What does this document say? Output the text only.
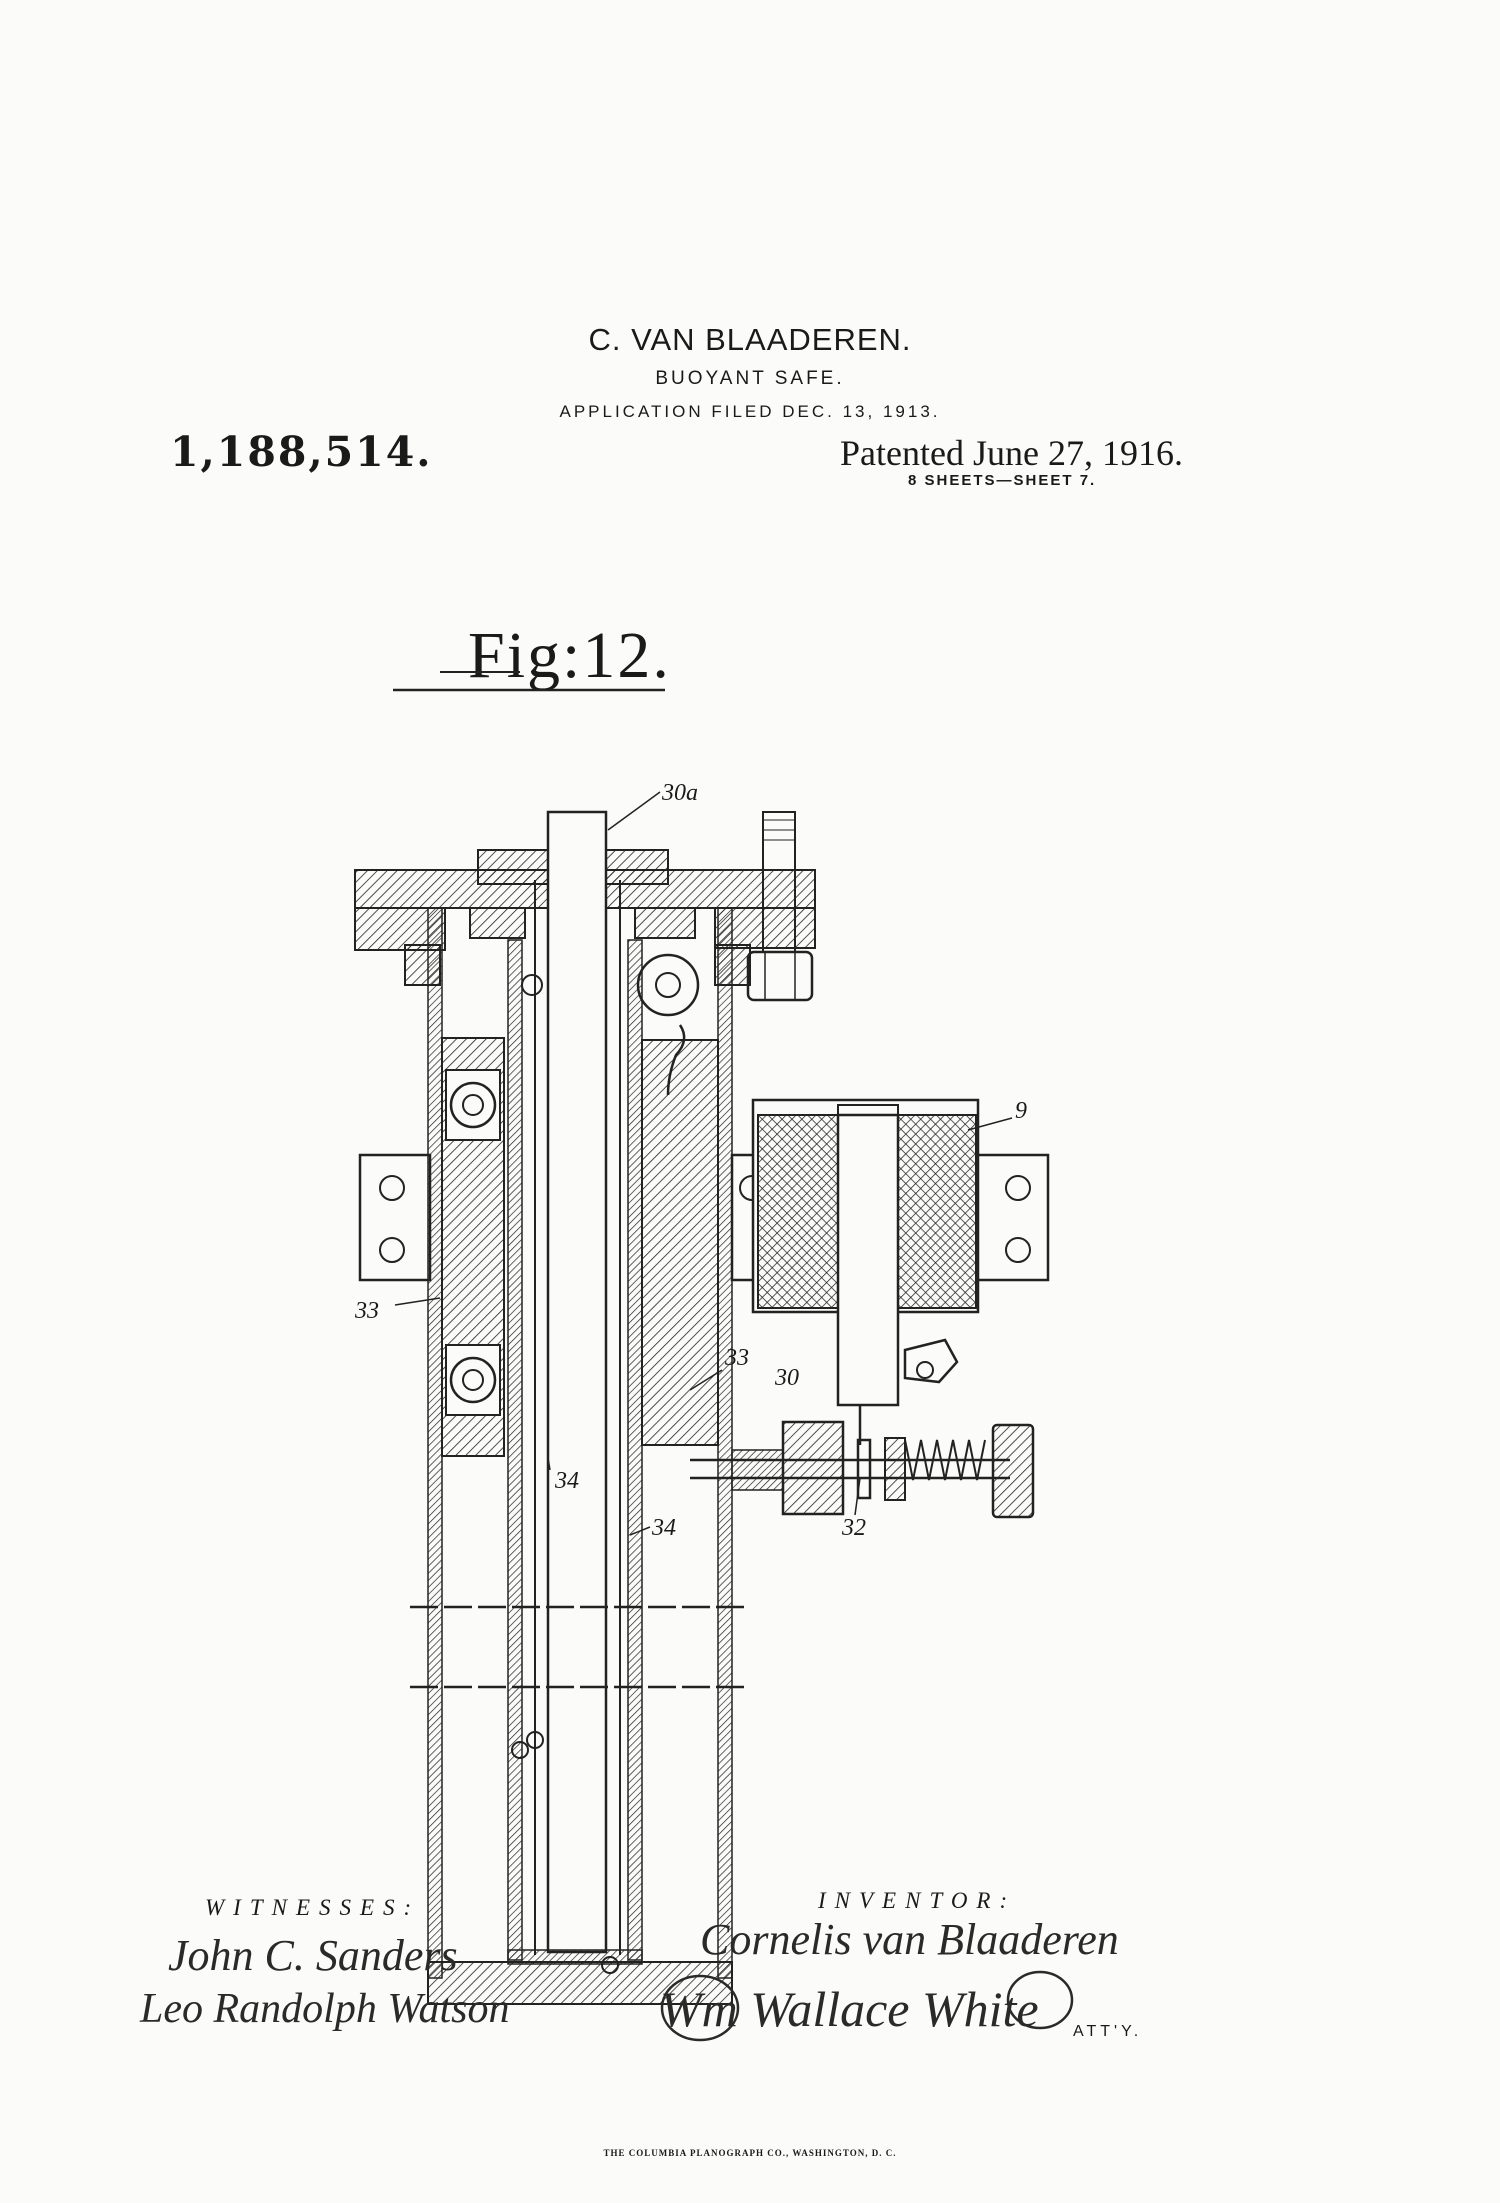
C. VAN BLAADEREN.
BUOYANT SAFE.
APPLICATION FILED DEC. 13, 1913.
1,188,514.	Patented June 27, 1916.
8 SHEETS—SHEET 7.
Fig:12.
30a
9
33
33
30
34
34	32
WITNESSES:	INVENTOR:
John C. Sanders
Leo Randolph Watson
Cornelis van Blaaderen
Wm Wallace White ATT'Y.
THE COLUMBIA PLANOGRAPH CO., WASHINGTON, D. C.
